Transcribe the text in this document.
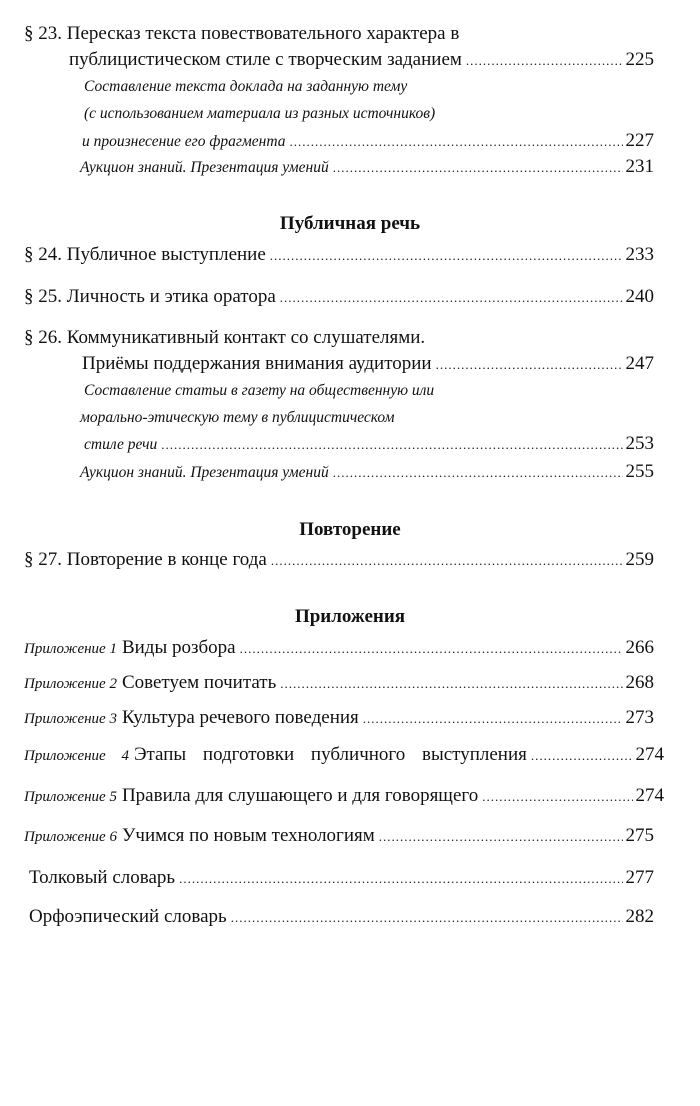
§ 23. Пересказ текста повествовательного характера в
публицистическом стиле с творческим заданием .....	225
Составление текста доклада на заданную тему
(с использованием материала из разных источников)
и произнесение его фрагмента .....	227
Аукцион знаний. Презентация умений .....	231
Публичная речь
§ 24. Публичное выступление .....	233
§ 25. Личность и этика оратора .....	240
§ 26. Коммуникативный контакт со слушателями.
Приёмы поддержания внимания аудитории .....	247
Составление статьи в газету на общественную или
морально-этическую тему в публицистическом
стиле речи .....	253
Аукцион знаний. Презентация умений .....	255
Повторение
§ 27. Повторение в конце года .....	259
Приложения
Приложение 1 Виды розбора .....	266
Приложение 2 Советуем почитать .....	268
Приложение 3 Культура речевого поведения .....	273
Приложение 4 Этапы подготовки публичного выступления .....	274
Приложение 5 Правила для слушающего и для говорящего .....	274
Приложение 6 Учимся по новым технологиям .....	275
Толковый словарь .....	277
Орфоэпический словарь .....	282
